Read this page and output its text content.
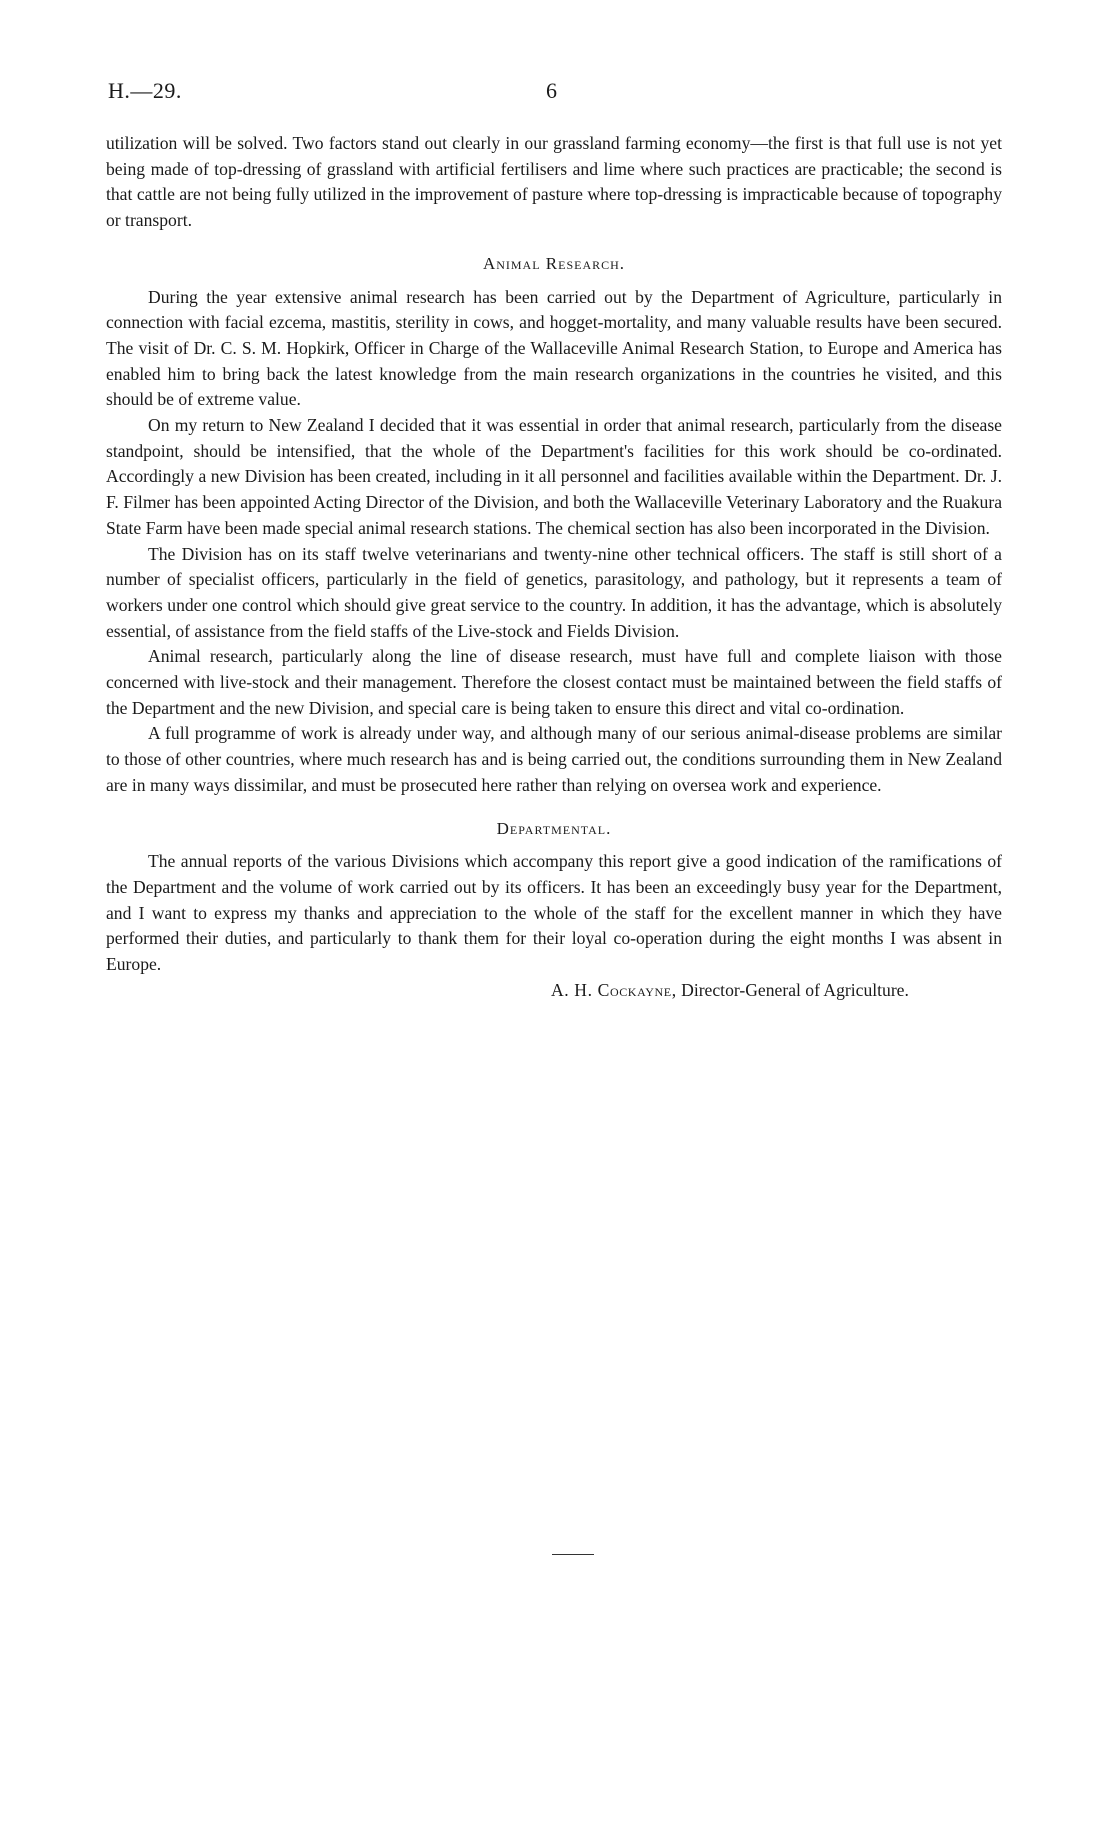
H.—29.	6

utilization will be solved. Two factors stand out clearly in our grassland farming economy—the first is that full use is not yet being made of top-dressing of grassland with artificial fertilisers and lime where such practices are practicable; the second is that cattle are not being fully utilized in the improvement of pasture where top-dressing is impracticable because of topography or transport.

Animal Research.

During the year extensive animal research has been carried out by the Department of Agriculture, particularly in connection with facial ezcema, mastitis, sterility in cows, and hogget-mortality, and many valuable results have been secured. The visit of Dr. C. S. M. Hopkirk, Officer in Charge of the Wallaceville Animal Research Station, to Europe and America has enabled him to bring back the latest knowledge from the main research organizations in the countries he visited, and this should be of extreme value.

On my return to New Zealand I decided that it was essential in order that animal research, particularly from the disease standpoint, should be intensified, that the whole of the Department's facilities for this work should be co-ordinated. Accordingly a new Division has been created, including in it all personnel and facilities available within the Department. Dr. J. F. Filmer has been appointed Acting Director of the Division, and both the Wallaceville Veterinary Laboratory and the Ruakura State Farm have been made special animal research stations. The chemical section has also been incorporated in the Division.

The Division has on its staff twelve veterinarians and twenty-nine other technical officers. The staff is still short of a number of specialist officers, particularly in the field of genetics, parasitology, and pathology, but it represents a team of workers under one control which should give great service to the country. In addition, it has the advantage, which is absolutely essential, of assistance from the field staffs of the Live-stock and Fields Division.

Animal research, particularly along the line of disease research, must have full and complete liaison with those concerned with live-stock and their management. Therefore the closest contact must be maintained between the field staffs of the Department and the new Division, and special care is being taken to ensure this direct and vital co-ordination.

A full programme of work is already under way, and although many of our serious animal-disease problems are similar to those of other countries, where much research has and is being carried out, the conditions surrounding them in New Zealand are in many ways dissimilar, and must be prosecuted here rather than relying on oversea work and experience.

Departmental.

The annual reports of the various Divisions which accompany this report give a good indication of the ramifications of the Department and the volume of work carried out by its officers. It has been an exceedingly busy year for the Department, and I want to express my thanks and appreciation to the whole of the staff for the excellent manner in which they have performed their duties, and particularly to thank them for their loyal co-operation during the eight months I was absent in Europe.

A. H. Cockayne, Director-General of Agriculture.
